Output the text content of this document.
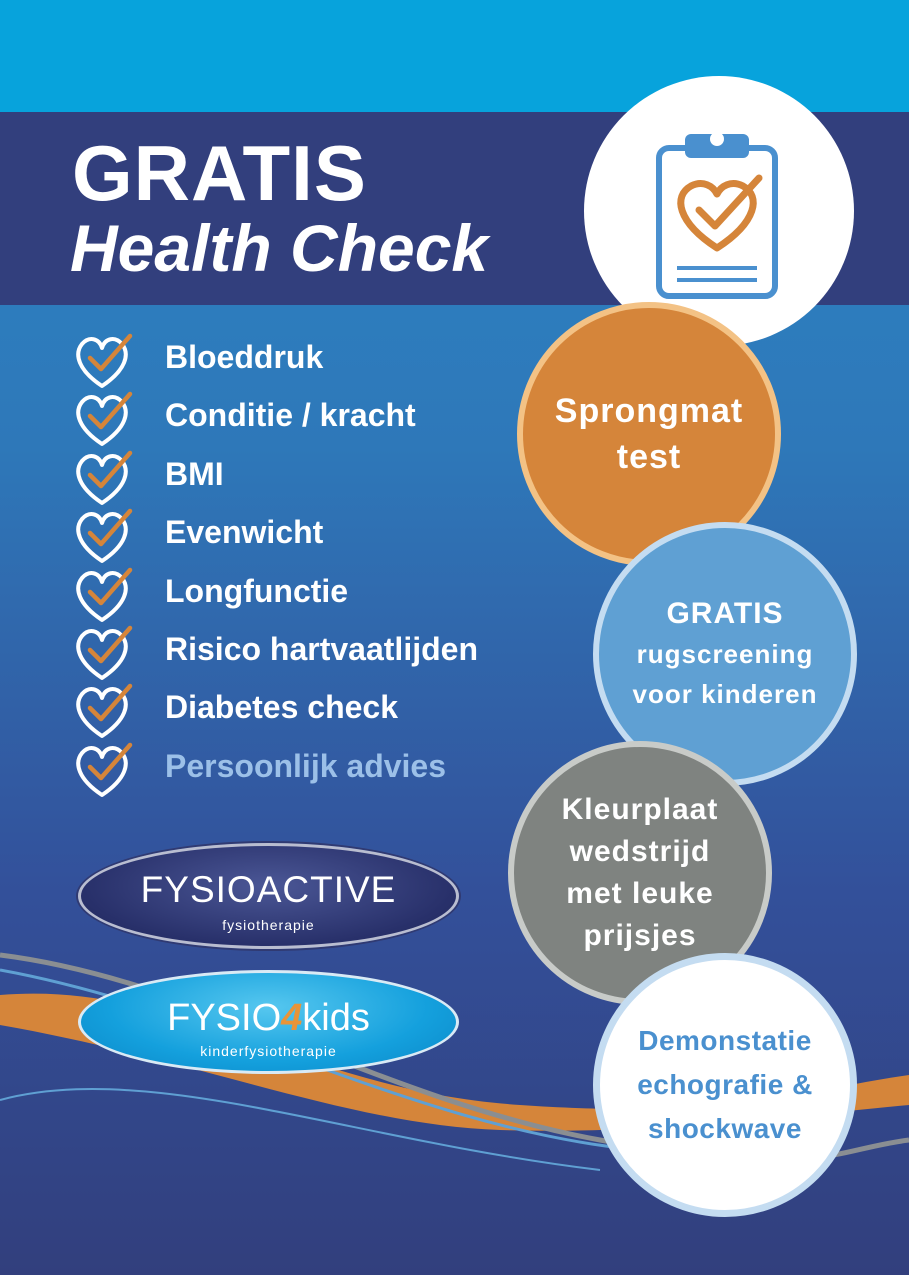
GRATIS
Health Check
Bloeddruk
Conditie / kracht
BMI
Evenwicht
Longfunctie
Risico hartvaatlijden
Diabetes check
Persoonlijk advies
Sprongmat
test
GRATIS
rugscreening
voor kinderen
Kleurplaat
wedstrijd
met leuke
prijsjes
Demonstatie
echografie &
shockwave
FYSIOACTIVE
fysiotherapie
FYSIO4kids
kinderfysiotherapie
